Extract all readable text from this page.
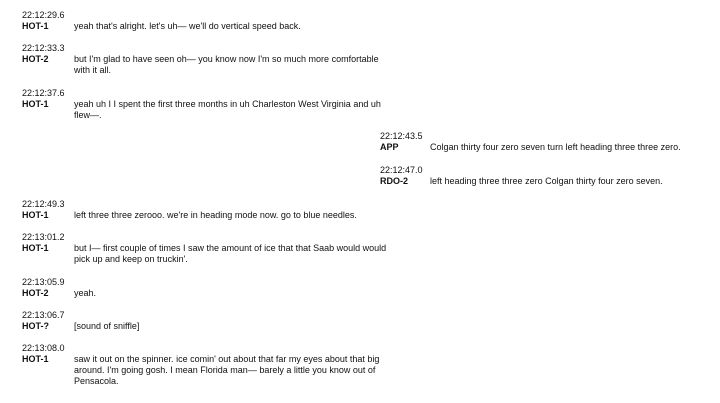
22:12:29.6
HOT-1	yeah that's alright. let's uh— we'll do vertical speed back.
22:12:33.3
HOT-2	but I'm glad to have seen oh— you know now I'm so much more comfortable with it all.
22:12:37.6
HOT-1	yeah uh I I spent the first three months in uh Charleston West Virginia and uh flew—.
22:12:43.5
APP	Colgan thirty four zero seven turn left heading three three zero.
22:12:47.0
RDO-2	left heading three three zero Colgan thirty four zero seven.
22:12:49.3
HOT-1	left three three zerooo. we're in heading mode now. go to blue needles.
22:13:01.2
HOT-1	but I— first couple of times I saw the amount of ice that that Saab would would pick up and keep on truckin'.
22:13:05.9
HOT-2	yeah.
22:13:06.7
HOT-?	[sound of sniffle]
22:13:08.0
HOT-1	saw it out on the spinner. ice comin' out about that far my eyes about that big around. I'm going gosh. I mean Florida man— barely a little you know out of Pensacola.
